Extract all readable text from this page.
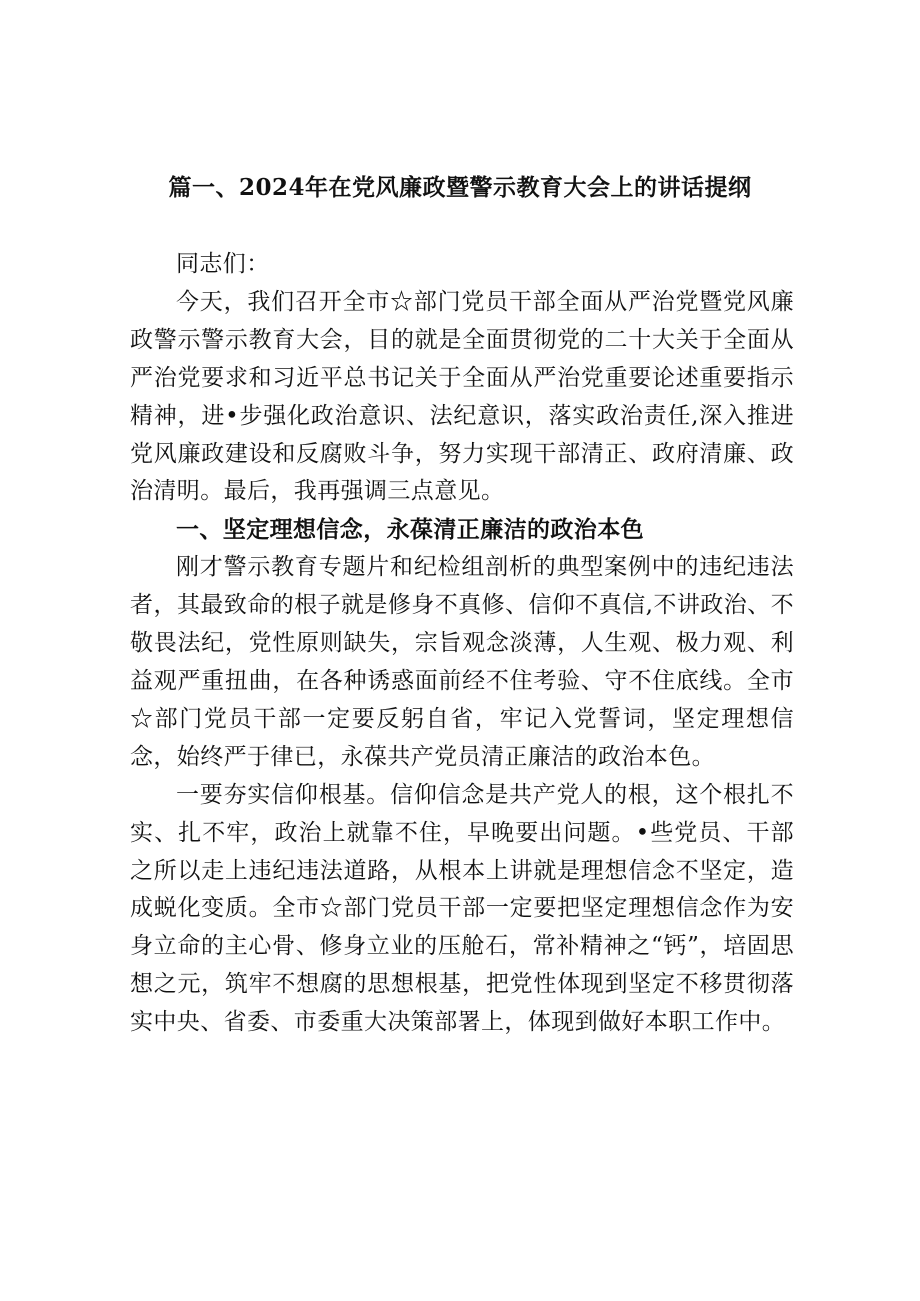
篇一、2024年在党风廉政暨警示教育大会上的讲话提纲

同志们：

今天，我们召开全市☆部门党员干部全面从严治党暨党风廉政警示警示教育大会，目的就是全面贯彻党的二十大关于全面从严治党要求和习近平总书记关于全面从严治党重要论述重要指示精神，进•步强化政治意识、法纪意识，落实政治责任,深入推进党风廉政建设和反腐败斗争，努力实现干部清正、政府清廉、政治清明。最后，我再强调三点意见。

一、坚定理想信念，永葆清正廉洁的政治本色

刚才警示教育专题片和纪检组剖析的典型案例中的违纪违法者，其最致命的根子就是修身不真修、信仰不真信,不讲政治、不敬畏法纪，党性原则缺失，宗旨观念淡薄，人生观、极力观、利益观严重扭曲，在各种诱惑面前经不住考验、守不住底线。全市☆部门党员干部一定要反躬自省，牢记入党誓词，坚定理想信念，始终严于律已，永葆共产党员清正廉洁的政治本色。

一要夯实信仰根基。信仰信念是共产党人的根，这个根扎不实、扎不牢，政治上就靠不住，早晚要出问题。•些党员、干部之所以走上违纪违法道路，从根本上讲就是理想信念不坚定，造成蜕化变质。全市☆部门党员干部一定要把坚定理想信念作为安身立命的主心骨、修身立业的压舱石，常补精神之“钙”，培固思想之元，筑牢不想腐的思想根基，把党性体现到坚定不移贯彻落实中央、省委、市委重大决策部署上，体现到做好本职工作中。
